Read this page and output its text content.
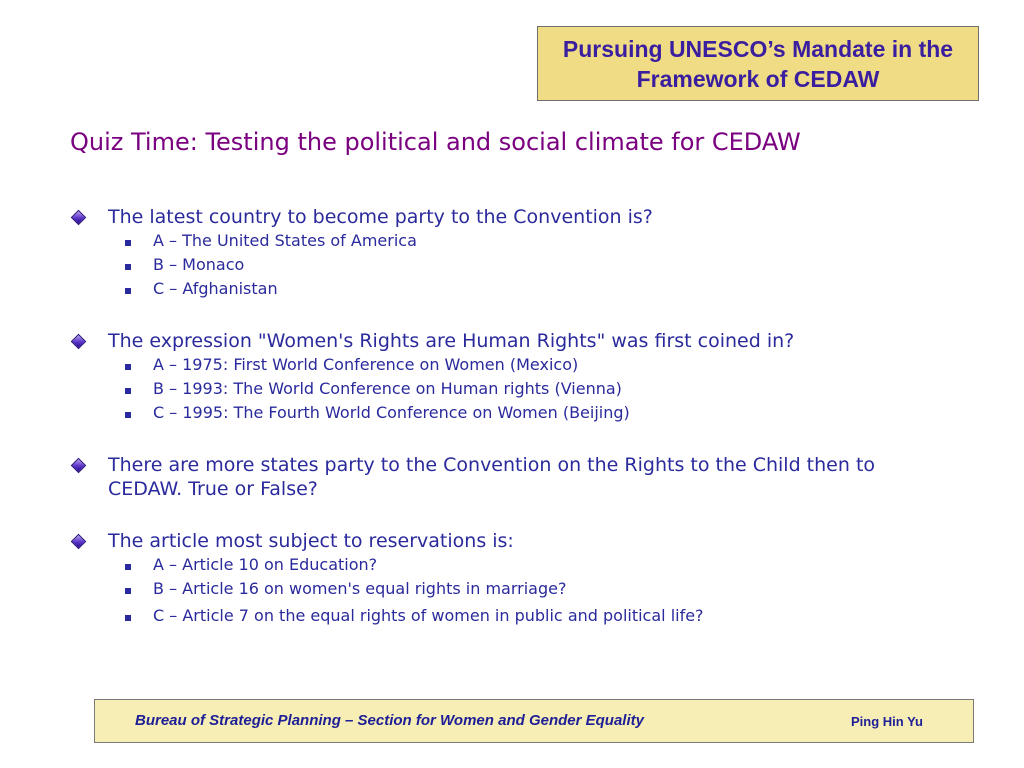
Pursuing UNESCO’s Mandate in the Framework of CEDAW
Quiz Time: Testing the political and social climate for CEDAW
The latest country to become party to the Convention is?
A – The United States of America
B – Monaco
C – Afghanistan
The expression "Women's Rights are Human Rights" was first coined in?
A – 1975: First World Conference on Women (Mexico)
B – 1993: The World Conference on Human rights (Vienna)
C – 1995: The Fourth World Conference on Women (Beijing)
There are more states party to the Convention on the Rights to the Child then to CEDAW. True or False?
The article most subject to reservations is:
A – Article 10 on Education?
B – Article 16 on women's equal rights in marriage?
C – Article 7 on the equal rights of women in public and political life?
Bureau of Strategic Planning – Section for Women and Gender Equality	Ping Hin Yu
